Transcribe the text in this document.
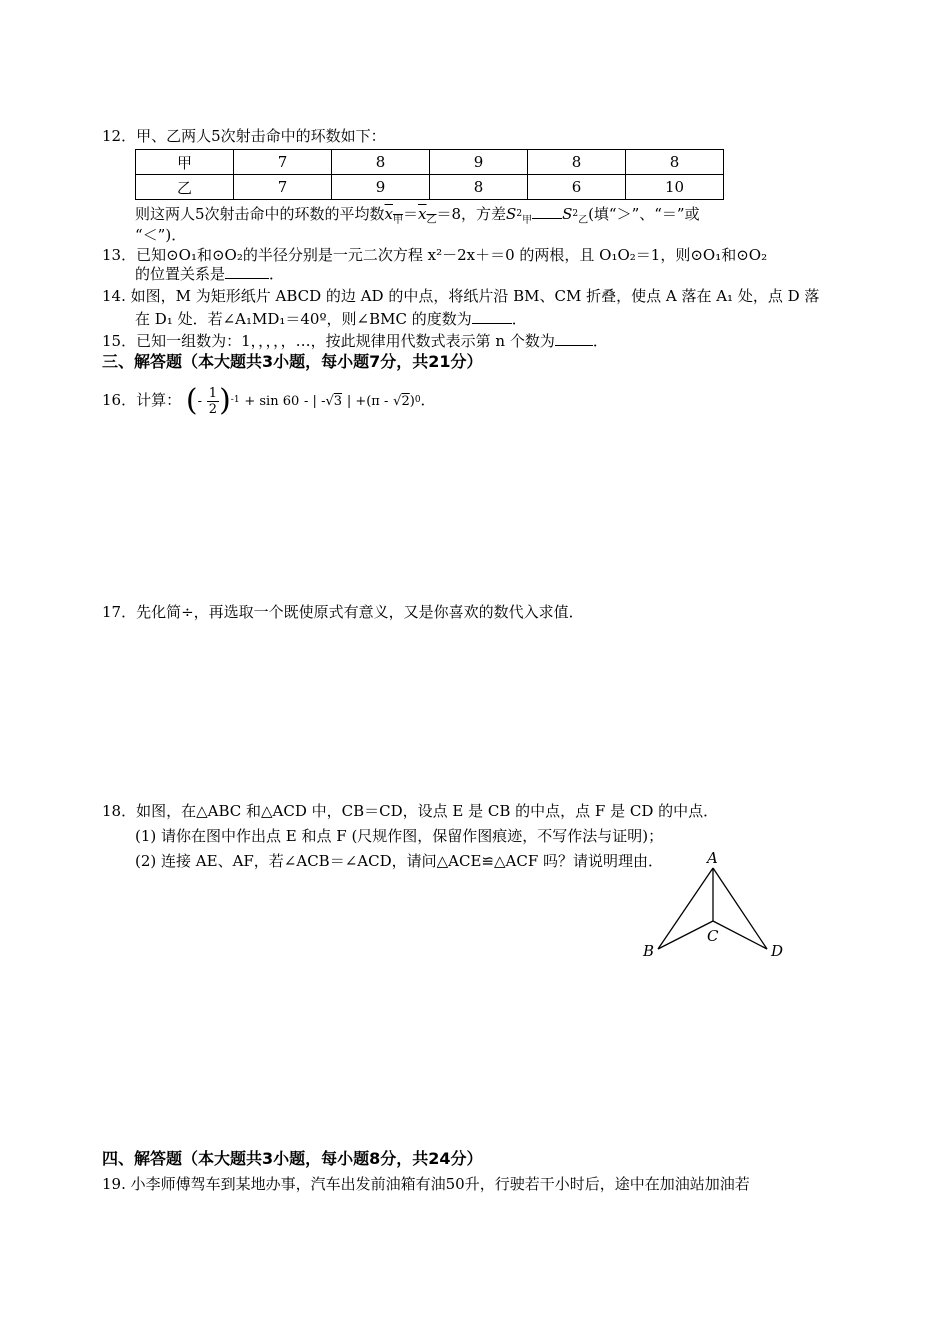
12．甲、乙两人5次射击命中的环数如下：
甲	7	8	9	8	8
乙	7	9	8	6	10
则这两人5次射击命中的环数的平均数$x_甲=x_乙=8$，方差$S^2_甲$ $S^2_乙$(填“＞”、“＝”或
“＜”)．
13．已知⊙O₁和⊙O₂的半径分别是一元二次方程 x²－2x＋＝0 的两根，且 O₁O₂＝1，则⊙O₁和⊙O₂
的位置关系是	．
14. 如图，M 为矩形纸片 ABCD 的边 AD 的中点，将纸片沿 BM、CM 折叠，使点 A 落在 A₁ 处，点 D 落
在 D₁ 处．若∠A₁MD₁＝40º，则∠BMC 的度数为	．
15．已知一组数为：1，，，，，…，按此规律用代数式表示第 n 个数为	．
三、解答题（本大题共3小题，每小题7分，共21分）
16．计算： (- $\frac{1}{2})^{-1} + \sin 60$ - | -√3 | +(π - √2)$^0$．
17．先化简÷，再选取一个既使原式有意义，又是你喜欢的数代入求值．
18．如图，在△ABC 和△ACD 中，CB＝CD，设点 E 是 CB 的中点，点 F 是 CD 的中点．
(1) 请你在图中作出点 E 和点 F (尺规作图，保留作图痕迹，不写作法与证明)；
(2) 连接 AE、AF，若∠ACB＝∠ACD，请问△ACE≌△ACF 吗？请说明理由．	A
B
C
D
四、解答题（本大题共3小题，每小题8分，共24分）
19. 小李师傅驾车到某地办事，汽车出发前油箱有油50升，行驶若干小时后，途中在加油站加油若
